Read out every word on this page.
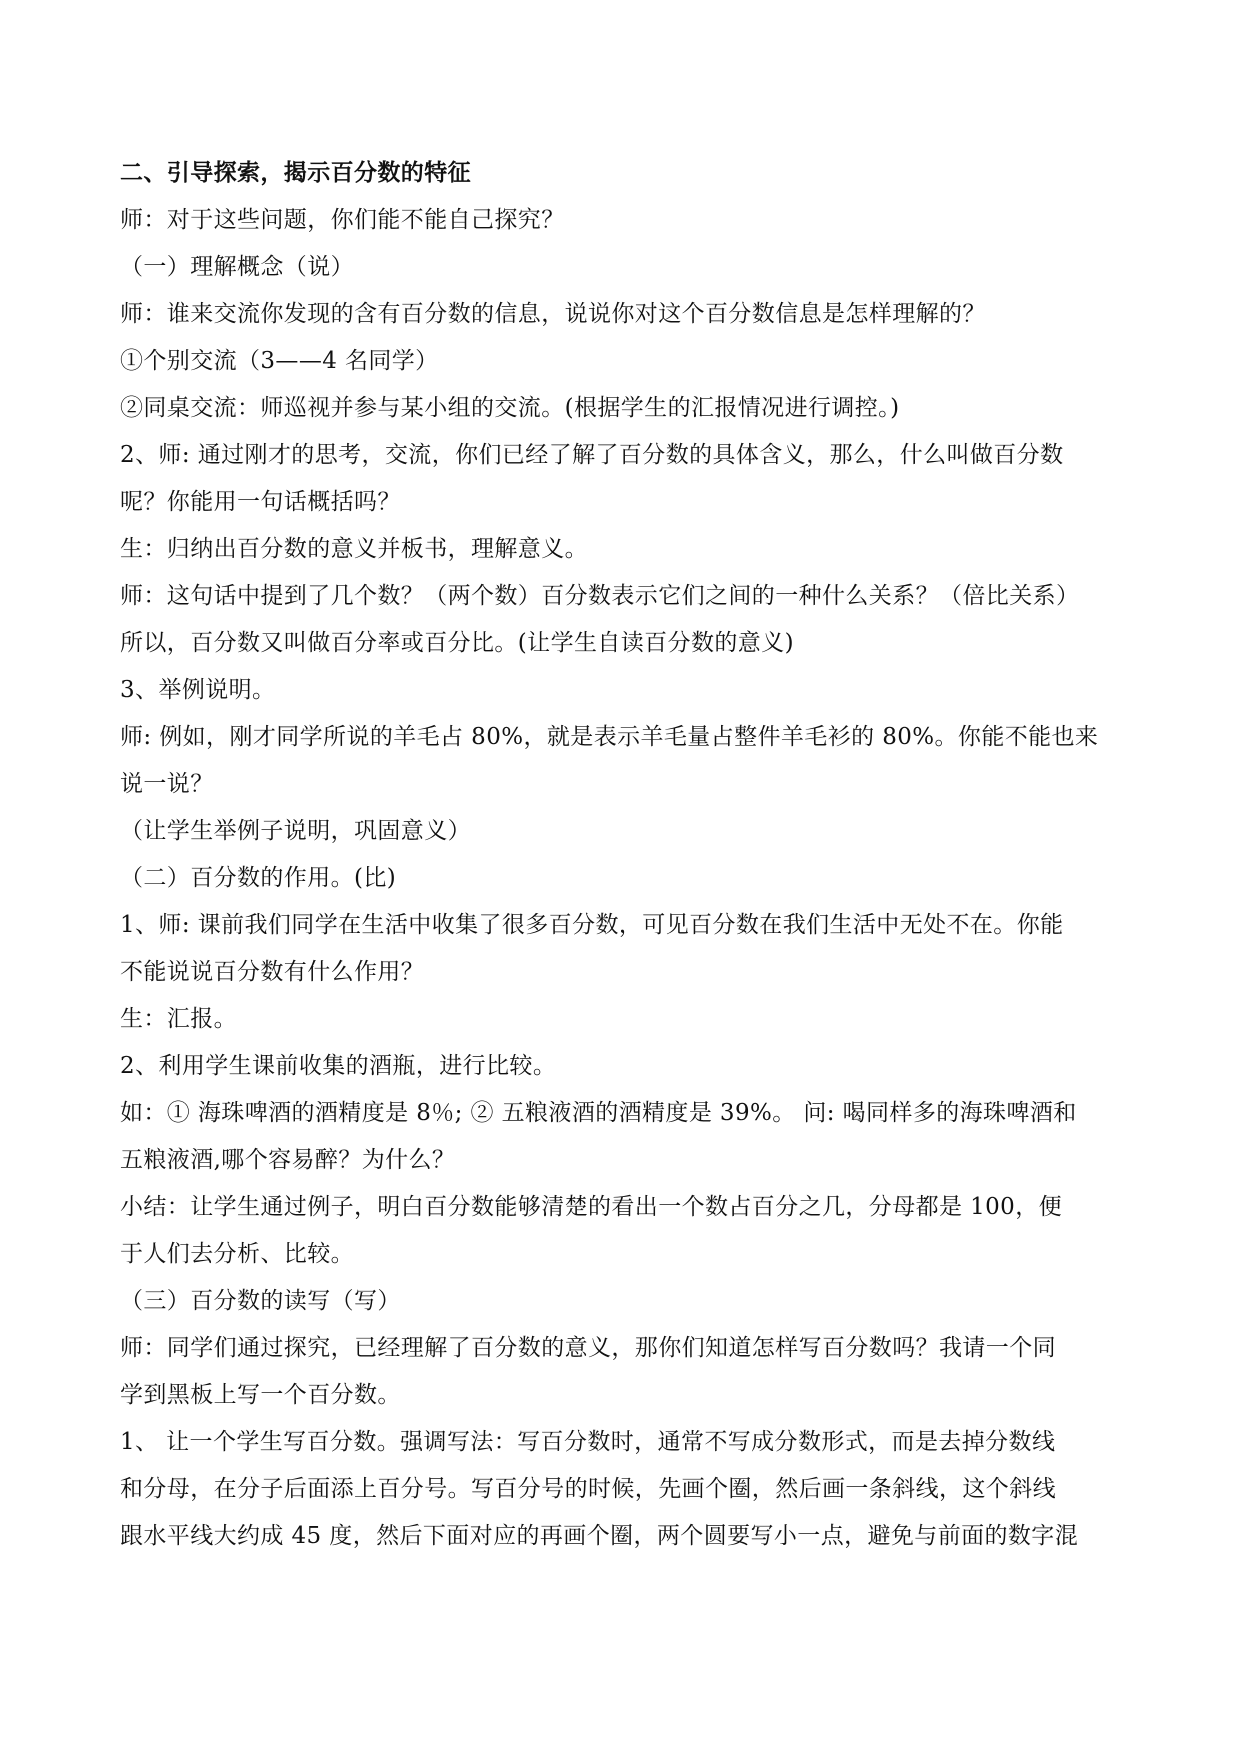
二、引导探索，揭示百分数的特征
师：对于这些问题，你们能不能自己探究？
（一）理解概念（说）
师：谁来交流你发现的含有百分数的信息，说说你对这个百分数信息是怎样理解的？
①个别交流（3——4 名同学）
②同桌交流：师巡视并参与某小组的交流。(根据学生的汇报情况进行调控。)
2、师: 通过刚才的思考，交流，你们已经了解了百分数的具体含义，那么，什么叫做百分数
呢？你能用一句话概括吗？
生：归纳出百分数的意义并板书，理解意义。
师：这句话中提到了几个数？（两个数）百分数表示它们之间的一种什么关系？（倍比关系）
所以，百分数又叫做百分率或百分比。(让学生自读百分数的意义)
3、举例说明。
师: 例如，刚才同学所说的羊毛占 80%，就是表示羊毛量占整件羊毛衫的 80%。你能不能也来
说一说？
（让学生举例子说明，巩固意义）
（二）百分数的作用。(比)
1、师: 课前我们同学在生活中收集了很多百分数，可见百分数在我们生活中无处不在。你能
不能说说百分数有什么作用？
生：汇报。
2、利用学生课前收集的酒瓶，进行比较。
如：① 海珠啤酒的酒精度是 8％; ② 五粮液酒的酒精度是 39%。 问: 喝同样多的海珠啤酒和
五粮液酒,哪个容易醉？为什么？
小结：让学生通过例子，明白百分数能够清楚的看出一个数占百分之几，分母都是 100，便
于人们去分析、比较。
（三）百分数的读写（写）
师：同学们通过探究，已经理解了百分数的意义，那你们知道怎样写百分数吗？我请一个同
学到黑板上写一个百分数。
1、 让一个学生写百分数。强调写法：写百分数时，通常不写成分数形式，而是去掉分数线
和分母，在分子后面添上百分号。写百分号的时候，先画个圈，然后画一条斜线，这个斜线
跟水平线大约成 45 度，然后下面对应的再画个圈，两个圆要写小一点，避免与前面的数字混
